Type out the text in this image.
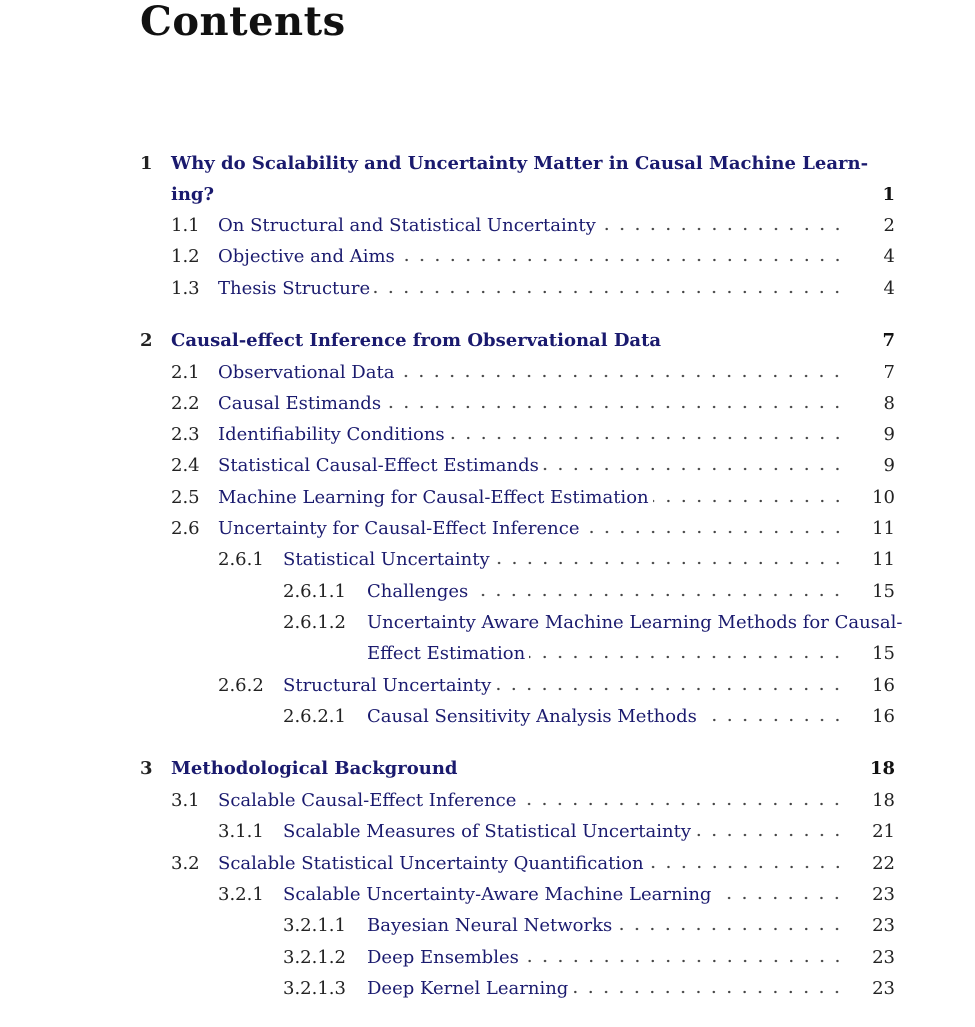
Contents
1	Why do Scalability and Uncertainty Matter in Causal Machine Learn-
ing?	1
1.1	On Structural and Statistical Uncertainty	2
1.2	Objective and Aims	4
1.3	Thesis Structure	4
2	Causal-effect Inference from Observational Data	7
2.1	Observational Data	7
2.2	Causal Estimands	8
2.3	Identifiability Conditions	9
2.4	Statistical Causal-Effect Estimands	9
2.5	Machine Learning for Causal-Effect Estimation	10
2.6	Uncertainty for Causal-Effect Inference	11
2.6.1	Statistical Uncertainty	11
2.6.1.1	Challenges	15
2.6.1.2	Uncertainty Aware Machine Learning Methods for Causal-
Effect Estimation	15
2.6.2	Structural Uncertainty	16
2.6.2.1	Causal Sensitivity Analysis Methods	16
3	Methodological Background	18
3.1	Scalable Causal-Effect Inference	18
3.1.1	Scalable Measures of Statistical Uncertainty	21
3.2	Scalable Statistical Uncertainty Quantification	22
3.2.1	Scalable Uncertainty-Aware Machine Learning	23
3.2.1.1	Bayesian Neural Networks	23
3.2.1.2	Deep Ensembles	23
3.2.1.3	Deep Kernel Learning	23
